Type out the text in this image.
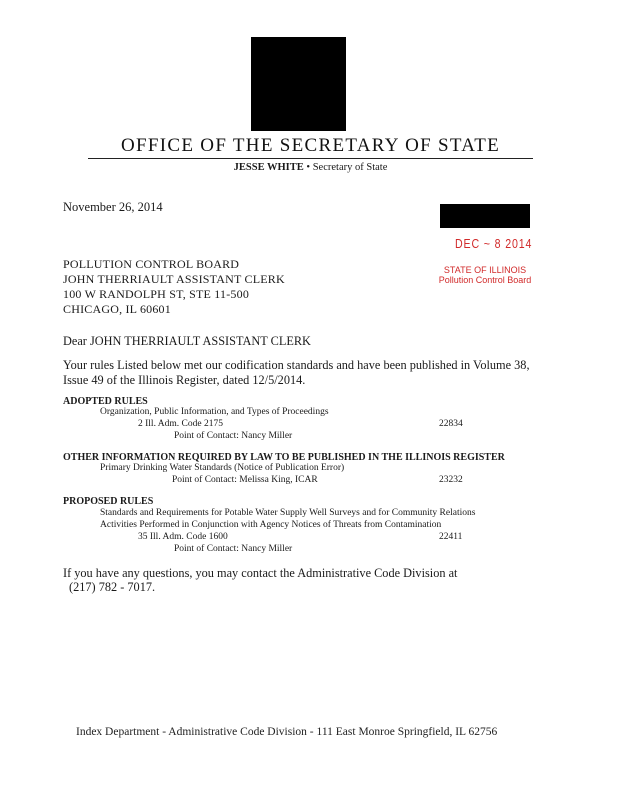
OFFICE OF THE SECRETARY OF STATE
JESSE WHITE • Secretary of State
November 26, 2014
DEC ~ 8 2014
STATE OF ILLINOIS
Pollution Control Board
POLLUTION CONTROL BOARD
JOHN THERRIAULT ASSISTANT CLERK
100 W RANDOLPH ST, STE 11-500
CHICAGO, IL 60601
Dear JOHN THERRIAULT ASSISTANT CLERK
Your rules Listed below met our codification standards and have been published in Volume 38,
Issue 49 of the Illinois Register, dated 12/5/2014.
ADOPTED RULES
Organization, Public Information, and Types of Proceedings
2 Ill. Adm. Code 2175	22834
Point of Contact: Nancy Miller
OTHER INFORMATION REQUIRED BY LAW TO BE PUBLISHED IN THE ILLINOIS REGISTER
Primary Drinking Water Standards (Notice of Publication Error)
Point of Contact: Melissa King, ICAR	23232
PROPOSED RULES
Standards and Requirements for Potable Water Supply Well Surveys and for Community Relations
Activities Performed in Conjunction with Agency Notices of Threats from Contamination
35 Ill. Adm. Code 1600	22411
Point of Contact: Nancy Miller
If you have any questions, you may contact the Administrative Code Division at
(217) 782 - 7017.
Index Department - Administrative Code Division - 111 East Monroe Springfield, IL 62756
